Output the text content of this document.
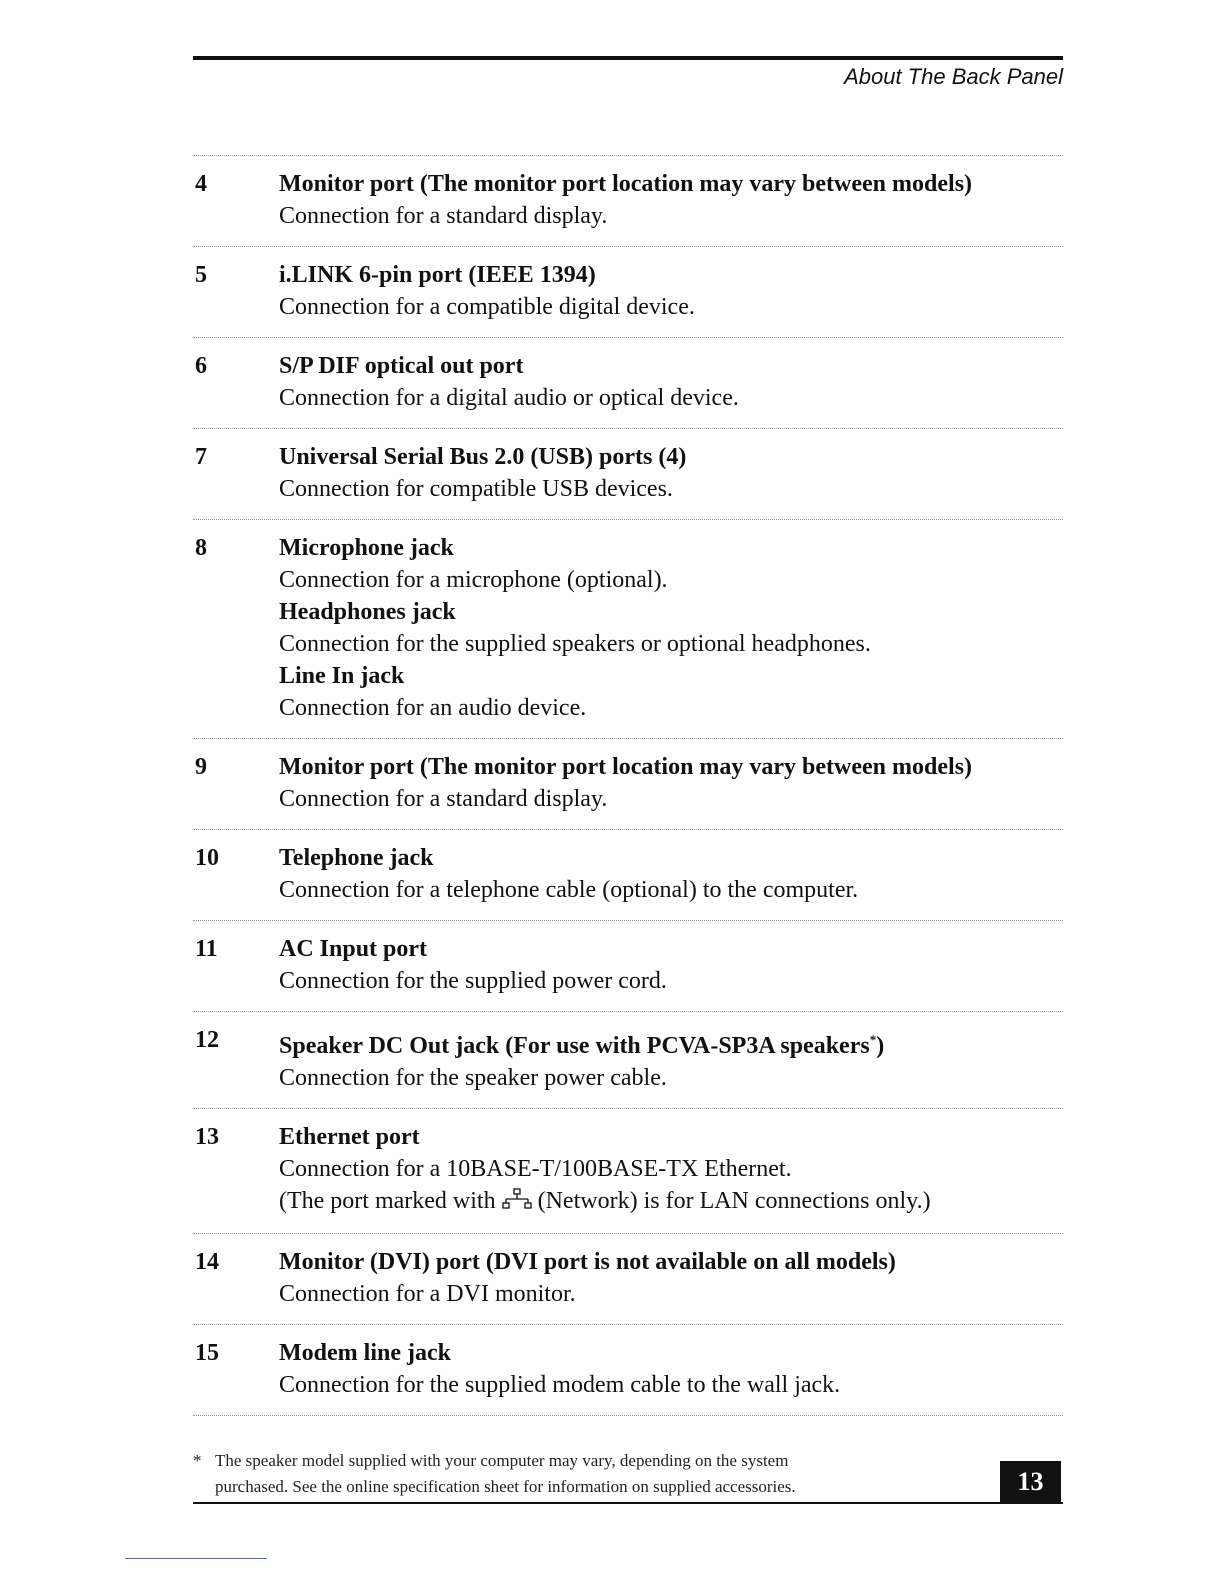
About The Back Panel
4	Monitor port (The monitor port location may vary between models)
Connection for a standard display.
5	i.LINK 6-pin port (IEEE 1394)
Connection for a compatible digital device.
6	S/P DIF optical out port
Connection for a digital audio or optical device.
7	Universal Serial Bus 2.0 (USB) ports (4)
Connection for compatible USB devices.
8	Microphone jack
Connection for a microphone (optional).
Headphones jack
Connection for the supplied speakers or optional headphones.
Line In jack
Connection for an audio device.
9	Monitor port (The monitor port location may vary between models)
Connection for a standard display.
10	Telephone jack
Connection for a telephone cable (optional) to the computer.
11	AC Input port
Connection for the supplied power cord.
12	Speaker DC Out jack (For use with PCVA-SP3A speakers*)
Connection for the speaker power cable.
13	Ethernet port
Connection for a 10BASE-T/100BASE-TX Ethernet.
(The port marked with (Network) is for LAN connections only.)
14	Monitor (DVI) port (DVI port is not available on all models)
Connection for a DVI monitor.
15	Modem line jack
Connection for the supplied modem cable to the wall jack.
* The speaker model supplied with your computer may vary, depending on the system
purchased. See the online specification sheet for information on supplied accessories.	13
